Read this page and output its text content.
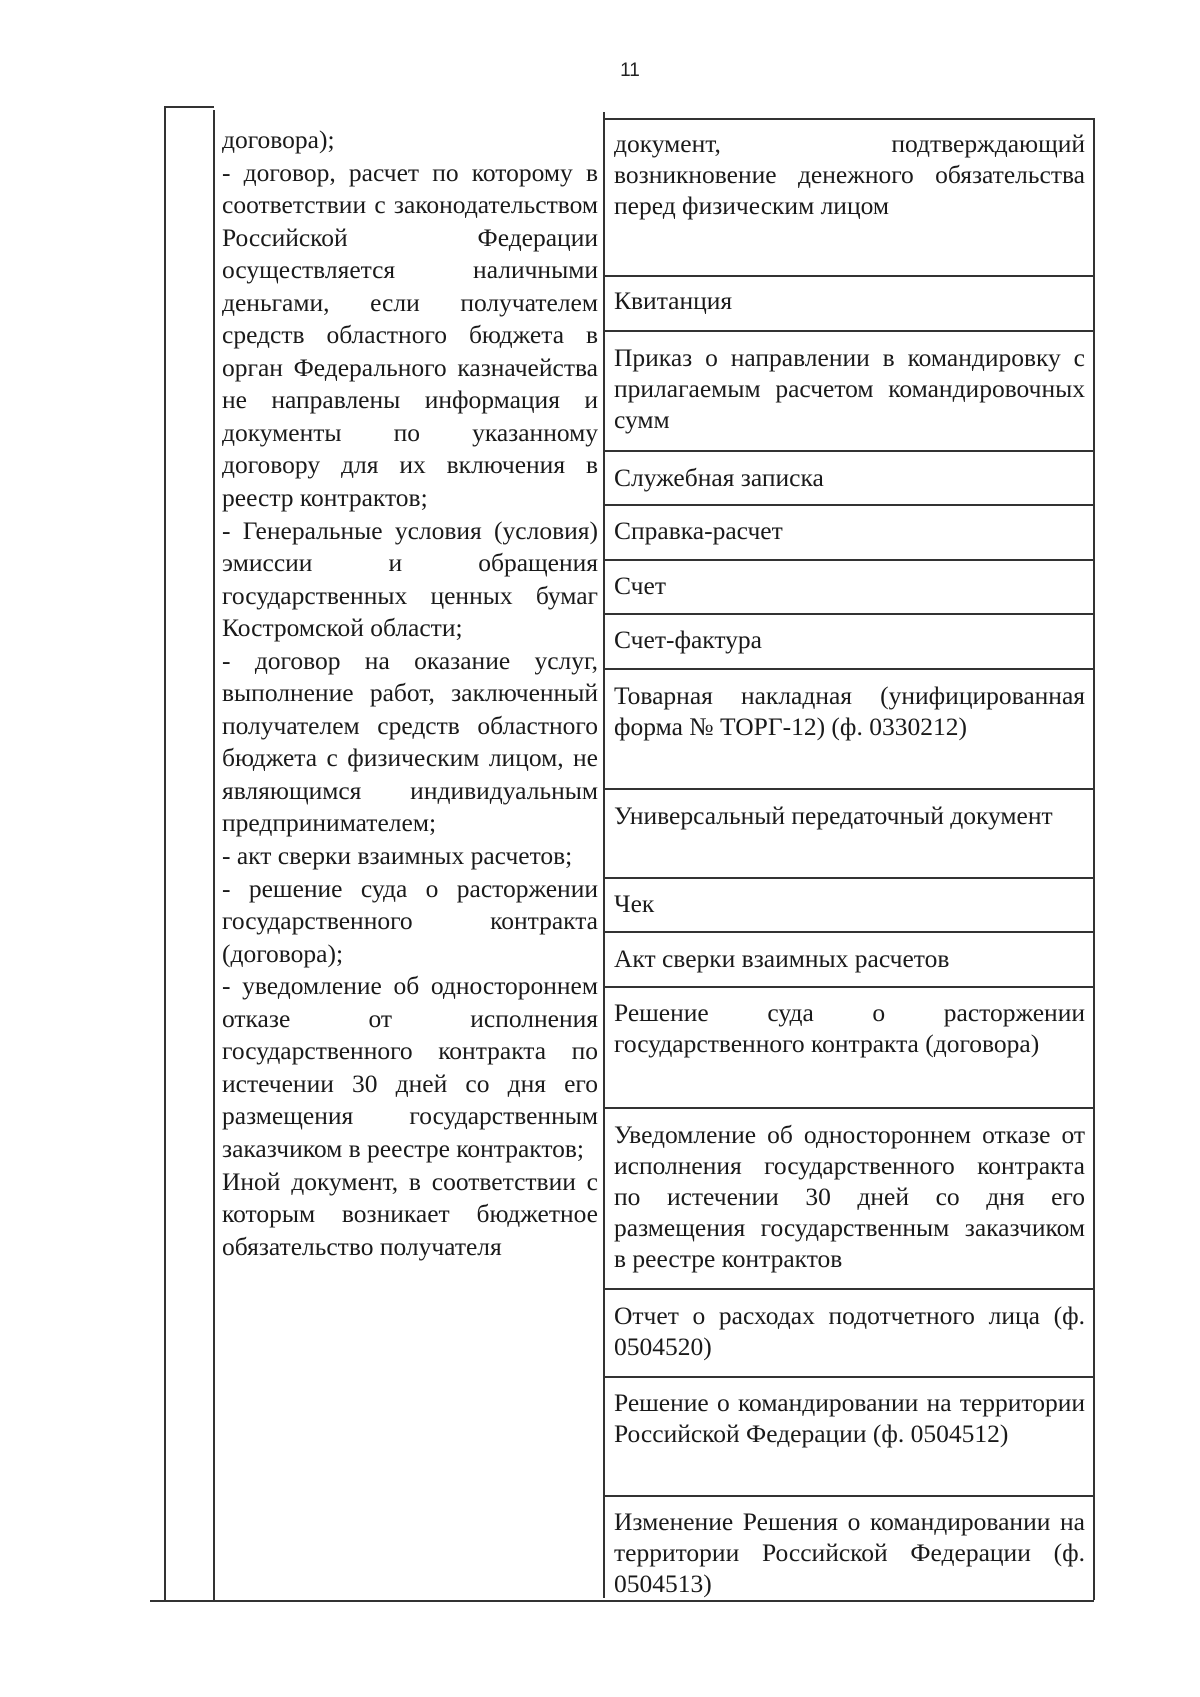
11

договора);

- договор, расчет по которому в соответствии с законодательством Российской Федерации осуществляется наличными деньгами, если получателем средств областного бюджета в орган Федерального казначейства не направлены информация и документы по указанному договору для их включения в реестр контрактов;

- Генеральные условия (условия) эмиссии и обращения государственных ценных бумаг Костромской области;

- договор на оказание услуг, выполнение работ, заключенный получателем средств областного бюджета с физическим лицом, не являющимся индивидуальным предпринимателем;

- акт сверки взаимных расчетов;

- решение суда о расторжении государственного контракта (договора);

- уведомление об одностороннем отказе от исполнения государственного контракта по истечении 30 дней со дня его размещения государственным заказчиком в реестре контрактов;

Иной документ, в соответствии с которым возникает бюджетное обязательство получателя

документ, подтверждающий возникновение денежного обязательства перед физическим лицом
Квитанция
Приказ о направлении в командировку с прилагаемым расчетом командировочных сумм
Служебная записка
Справка-расчет
Счет
Счет-фактура
Товарная накладная (унифицированная форма № ТОРГ-12) (ф. 0330212)
Универсальный передаточный документ
Чек
Акт сверки взаимных расчетов
Решение суда о расторжении государственного контракта (договора)
Уведомление об одностороннем отказе от исполнения государственного контракта по истечении 30 дней со дня его размещения государственным заказчиком в реестре контрактов
Отчет о расходах подотчетного лица (ф. 0504520)
Решение о командировании на территории Российской Федерации (ф. 0504512)
Изменение Решения о командировании на территории Российской Федерации (ф. 0504513)
